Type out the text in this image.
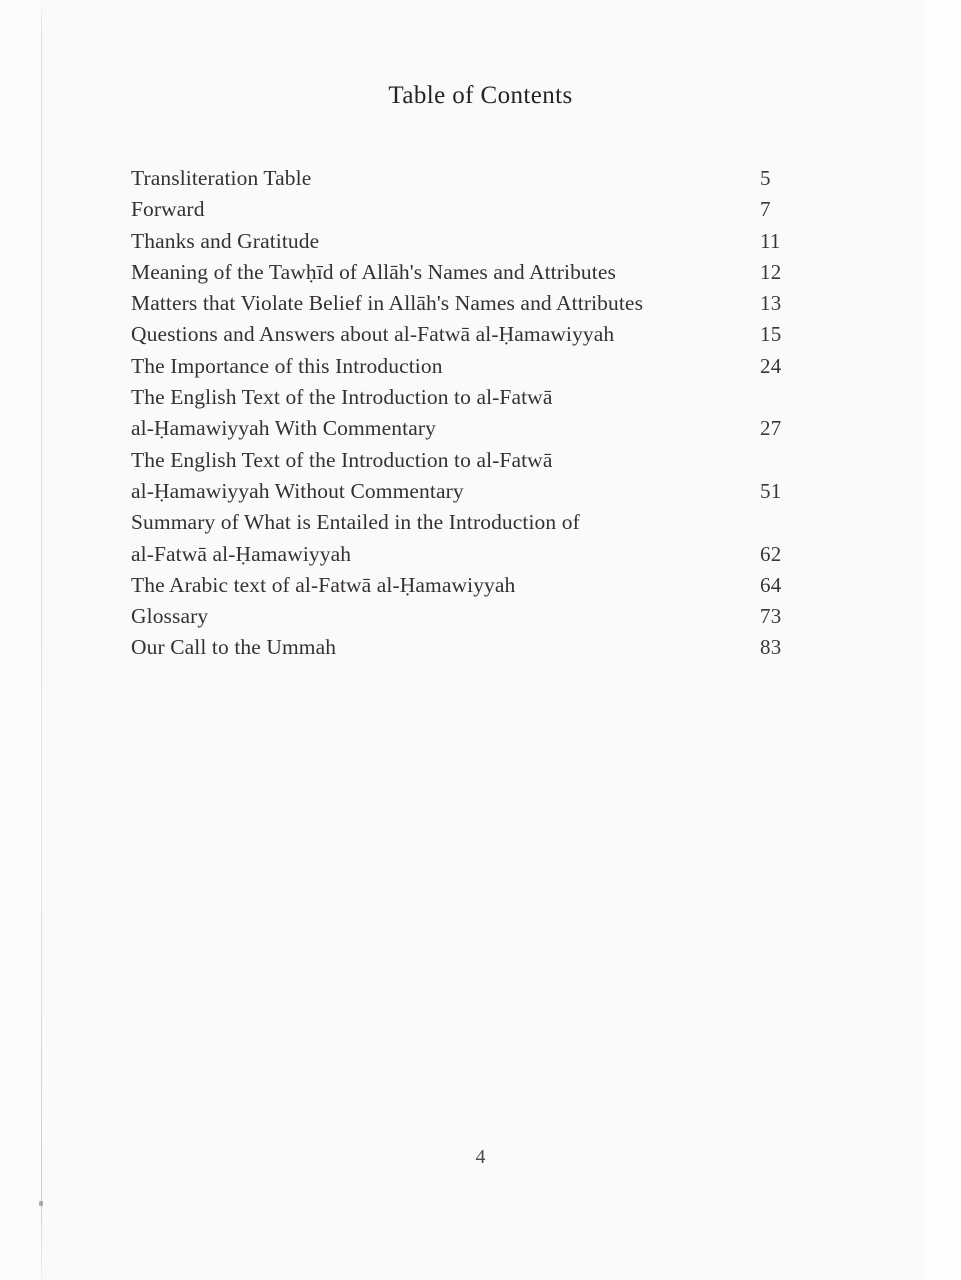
Table of Contents
Transliteration Table	5
Forward	7
Thanks and Gratitude	11
Meaning of the Tawḥīd of Allāh's Names and Attributes	12
Matters that Violate Belief in Allāh's Names and Attributes	13
Questions and Answers about al-Fatwā al-Ḥamawiyyah	15
The Importance of this Introduction	24
The English Text of the Introduction to al-Fatwā
al-Ḥamawiyyah With Commentary	27
The English Text of the Introduction to al-Fatwā
al-Ḥamawiyyah Without Commentary	51
Summary of What is Entailed in the Introduction of
al-Fatwā al-Ḥamawiyyah	62
The Arabic text of al-Fatwā al-Ḥamawiyyah	64
Glossary	73
Our Call to the Ummah	83
4
